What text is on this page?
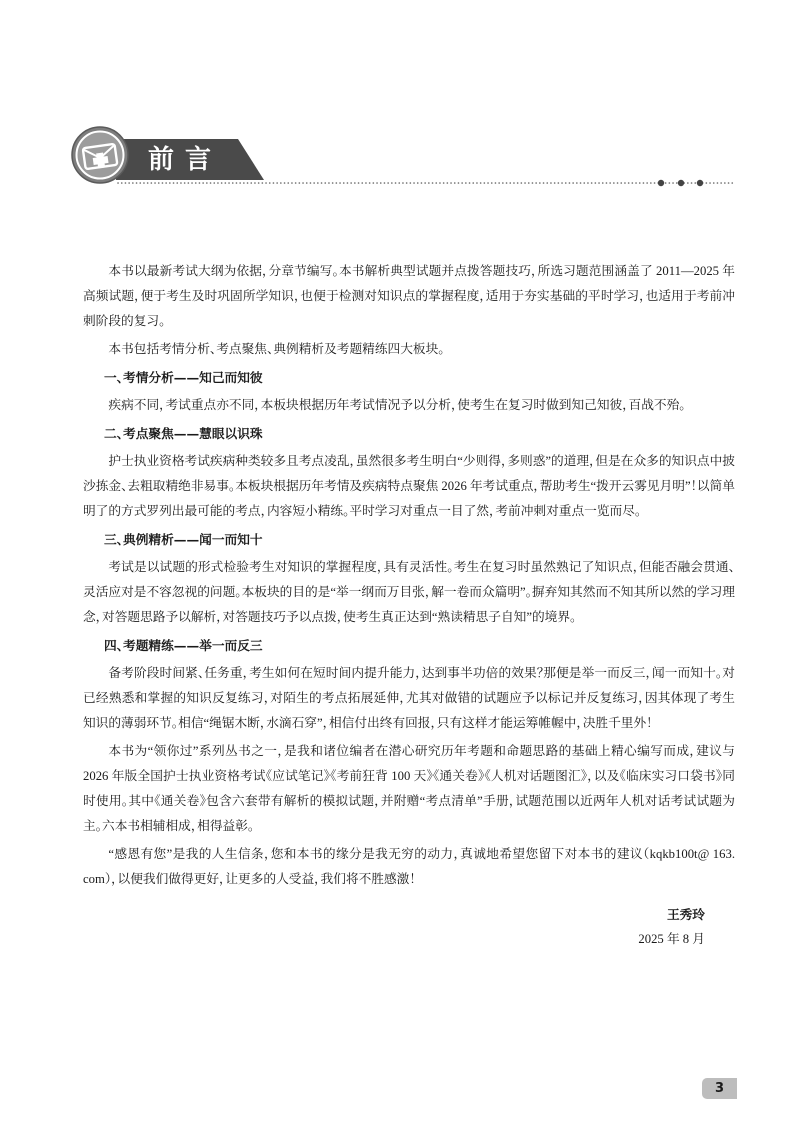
前 言

本书以最新考试大纲为依据，分章节编写。本书解析典型试题并点拨答题技巧，所选习题范围涵盖了 2011—2025 年高频试题，便于考生及时巩固所学知识，也便于检测对知识点的掌握程度，适用于夯实基础的平时学习，也适用于考前冲刺阶段的复习。

本书包括考情分析、考点聚焦、典例精析及考题精练四大板块。

一、考情分析——知己而知彼

疾病不同，考试重点亦不同，本板块根据历年考试情况予以分析，使考生在复习时做到知己知彼，百战不殆。

二、考点聚焦——慧眼以识珠

护士执业资格考试疾病种类较多且考点凌乱，虽然很多考生明白“少则得，多则惑”的道理，但是在众多的知识点中披沙拣金、去粗取精绝非易事。本板块根据历年考情及疾病特点聚焦 2026 年考试重点，帮助考生“拨开云雾见月明”！以简单明了的方式罗列出最可能的考点，内容短小精练。平时学习对重点一目了然，考前冲刺对重点一览而尽。

三、典例精析——闻一而知十

考试是以试题的形式检验考生对知识的掌握程度，具有灵活性。考生在复习时虽然熟记了知识点，但能否融会贯通、灵活应对是不容忽视的问题。本板块的目的是“举一纲而万目张，解一卷而众篇明”。摒弃知其然而不知其所以然的学习理念，对答题思路予以解析，对答题技巧予以点拨，使考生真正达到“熟读精思子自知”的境界。

四、考题精练——举一而反三

备考阶段时间紧、任务重，考生如何在短时间内提升能力，达到事半功倍的效果？那便是举一而反三，闻一而知十。对已经熟悉和掌握的知识反复练习，对陌生的考点拓展延伸，尤其对做错的试题应予以标记并反复练习，因其体现了考生知识的薄弱环节。相信“绳锯木断，水滴石穿”，相信付出终有回报，只有这样才能运筹帷幄中，决胜千里外！

本书为“领你过”系列丛书之一，是我和诸位编者在潜心研究历年考题和命题思路的基础上精心编写而成，建议与 2026 年版全国护士执业资格考试《应试笔记》《考前狂背 100 天》《通关卷》《人机对话题图汇》，以及《临床实习口袋书》同时使用。其中《通关卷》包含六套带有解析的模拟试题，并附赠“考点清单”手册，试题范围以近两年人机对话考试试题为主。六本书相辅相成，相得益彰。

“感恩有您”是我的人生信条，您和本书的缘分是我无穷的动力，真诚地希望您留下对本书的建议（kqkb100t@ 163. com），以便我们做得更好，让更多的人受益，我们将不胜感激！

王秀玲
2025 年 8 月
3
